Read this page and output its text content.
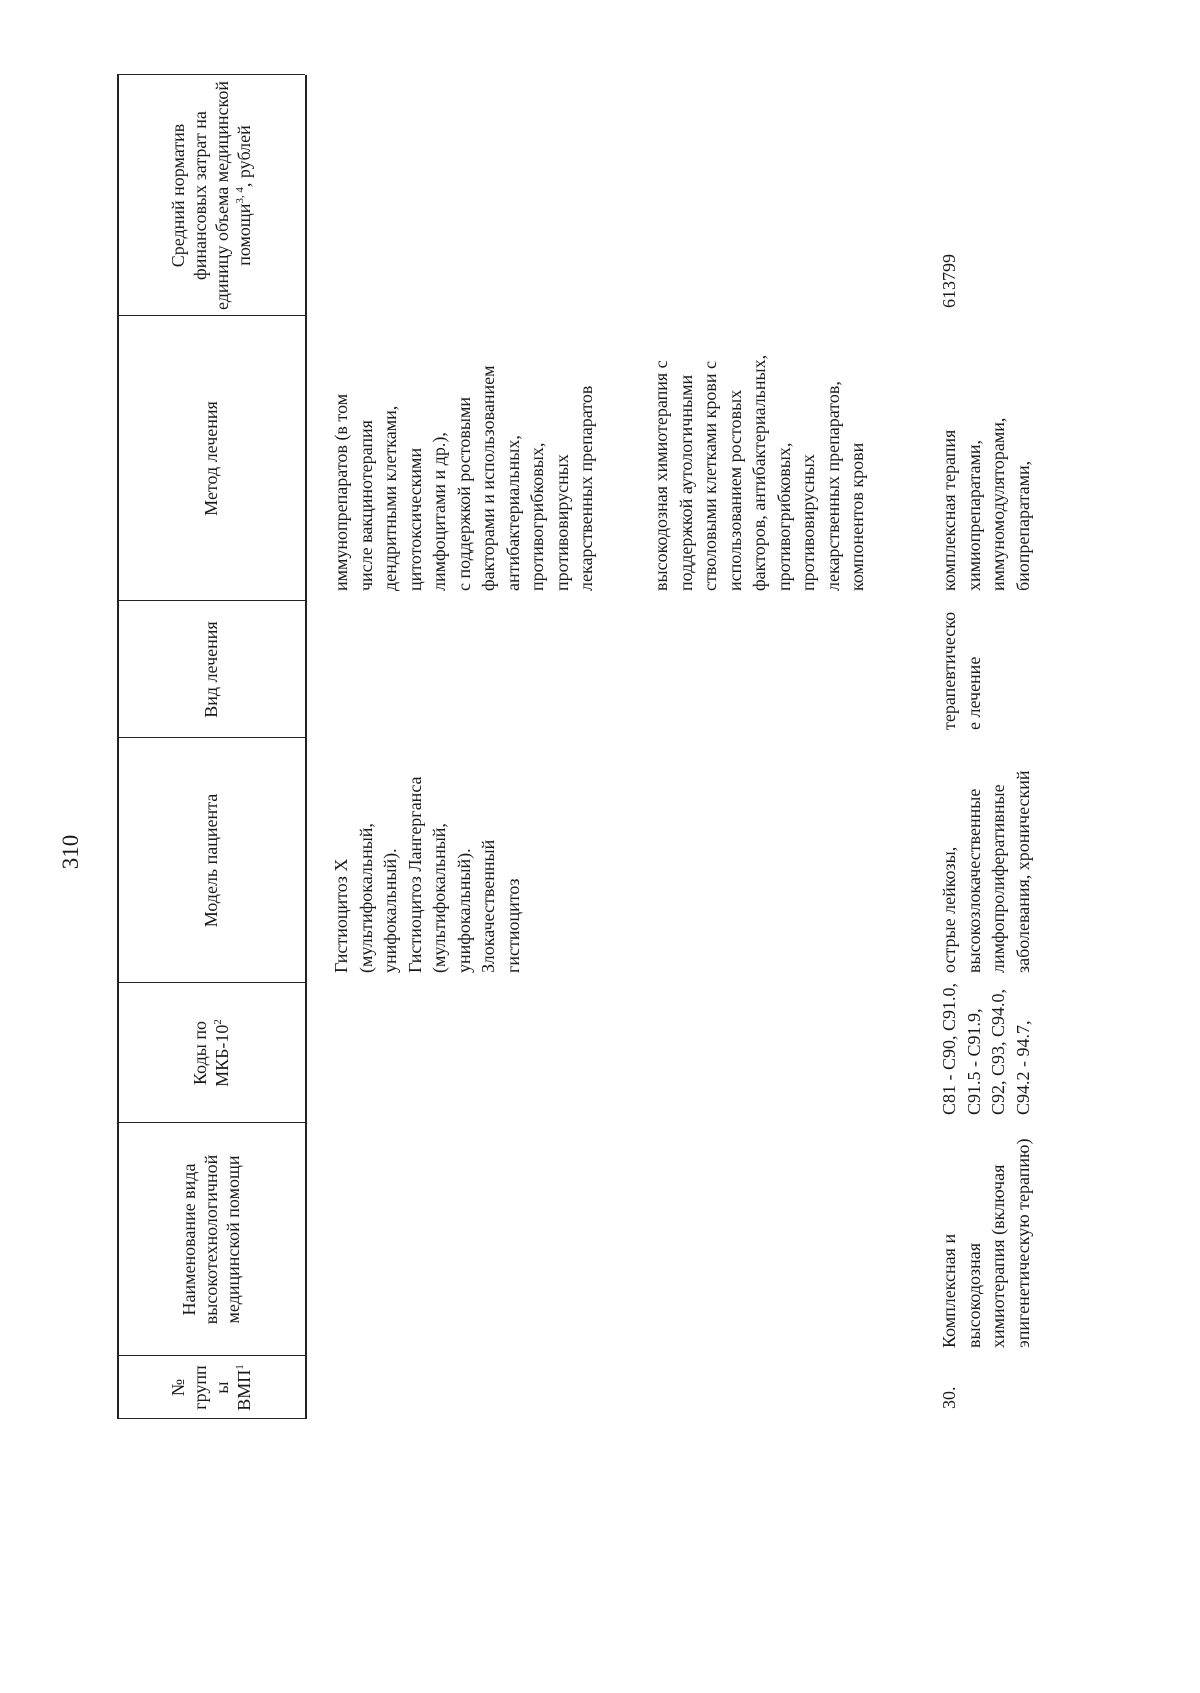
310
№
групп
ы
ВМП$^1$
Наименование вида высокотехнологичной медицинской помощи
Коды по МКБ-$10^2$
Модель пациента
Вид лечения
Метод лечения
Средний норматив финансовых затрат на единицу объема медицинской помощи$^{3, 4}$, рублей
Гистиоцитоз X
(мультифокальный,
унифокальный).
Гистиоцитоз Лангерганса
(мультифокальный,
унифокальный).
Злокачественный
гистиоцитоз
иммунопрепаратов (в том
числе вакцинотерапия
дендритными клетками,
цитотоксическими
лимфоцитами и др.),
с поддержкой ростовыми
факторами и использованием
антибактериальных,
противогрибковых,
противовирусных
лекарственных препаратов
высокодозная химиотерапия с
поддержкой аутологичными
стволовыми клетками крови с
использованием ростовых
факторов, антибактериальных,
противогрибковых,
противовирусных
лекарственных препаратов,
компонентов крови
30.
Комплексная и
высокодозная
химиотерапия (включая
эпигенетическую терапию)
C81 - C90, C91.0,
C91.5 - C91.9,
C92, C93, C94.0,
C94.2 - 94.7,
острые лейкозы,
высокозлокачественные
лимфопролиферативные
заболевания, хронический
терапевтическо
е лечение
комплексная терапия
химиопрепаратами,
иммуномодуляторами,
биопрепаратами,
613799
